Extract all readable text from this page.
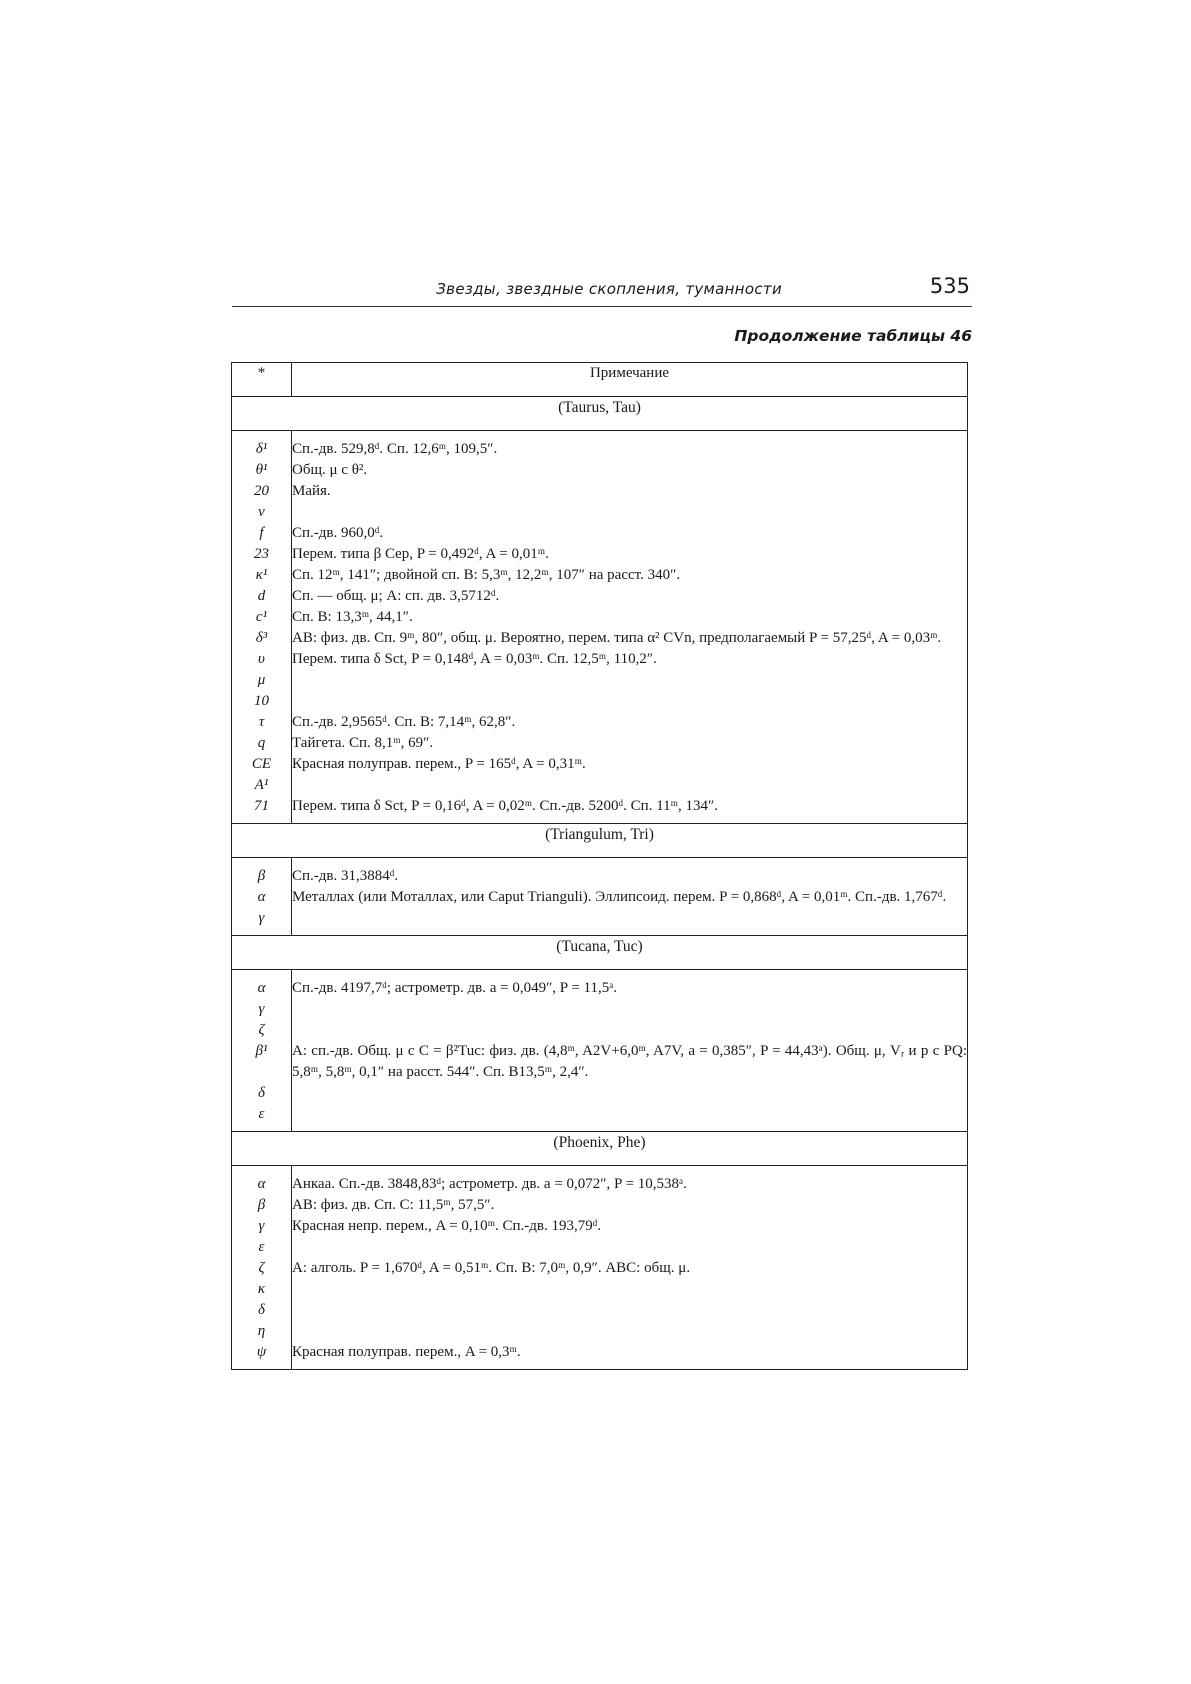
Звезды, звездные скопления, туманности	535
Продолжение таблицы 46
*	Примечание
(Taurus, Tau)	
δ¹	Сп.-дв. 529,8ᵈ. Сп. 12,6ᵐ, 109,5″.
θ¹	Общ. μ с θ².
20	Майя.
ν	
f	Сп.-дв. 960,0ᵈ.
23	Перем. типа β Cep, P = 0,492ᵈ, A = 0,01ᵐ.
κ¹	Сп. 12ᵐ, 141″; двойной сп. В: 5,3ᵐ, 12,2ᵐ, 107″ на расст. 340″.
d	Сп. — общ. μ; А: сп. дв. 3,5712ᵈ.
c¹	Сп. В: 13,3ᵐ, 44,1″.
δ³	АВ: физ. дв. Сп. 9ᵐ, 80″, общ. μ. Вероятно, перем. типа α² CVn, предполагаемый P = 57,25ᵈ, A = 0,03ᵐ.
υ	Перем. типа δ Sct, P = 0,148ᵈ, A = 0,03ᵐ. Сп. 12,5ᵐ, 110,2″.
μ	
10	
τ	Сп.-дв. 2,9565ᵈ. Сп. В: 7,14ᵐ, 62,8″.
q	Тайгета. Сп. 8,1ᵐ, 69″.
CE	Красная полуправ. перем., P = 165ᵈ, A = 0,31ᵐ.
A¹	
71	Перем. типа δ Sct, P = 0,16ᵈ, A = 0,02ᵐ. Сп.-дв. 5200ᵈ. Сп. 11ᵐ, 134″.
(Triangulum, Tri)	
β	Сп.-дв. 31,3884ᵈ.
α	Металлах (или Моталлах, или Caput Trianguli). Эллипсоид. перем. P = 0,868ᵈ, A = 0,01ᵐ. Сп.-дв. 1,767ᵈ.
γ	
(Tucana, Tuc)	
α	Сп.-дв. 4197,7ᵈ; астрометр. дв. a = 0,049″, P = 11,5ᵃ.
γ	
ζ	
β¹	А: сп.-дв. Общ. μ с С = β²Tuc: физ. дв. (4,8ᵐ, A2V+6,0ᵐ, A7V, a = 0,385″, P = 44,43ᵃ). Общ. μ, Vᵣ и p с PQ: 5,8ᵐ, 5,8ᵐ, 0,1″ на расст. 544″. Сп. В13,5ᵐ, 2,4″.
δ	
ε	
(Phoenix, Phe)	
α	Анкаа. Сп.-дв. 3848,83ᵈ; астрометр. дв. a = 0,072″, P = 10,538ᵃ.
β	АВ: физ. дв. Сп. С: 11,5ᵐ, 57,5″.
γ	Красная непр. перем., A = 0,10ᵐ. Сп.-дв. 193,79ᵈ.
ε	
ζ	А: алголь. P = 1,670ᵈ, A = 0,51ᵐ. Сп. В: 7,0ᵐ, 0,9″. АВС: общ. μ.
κ	
δ	
η	
ψ	Красная полуправ. перем., A = 0,3ᵐ.
